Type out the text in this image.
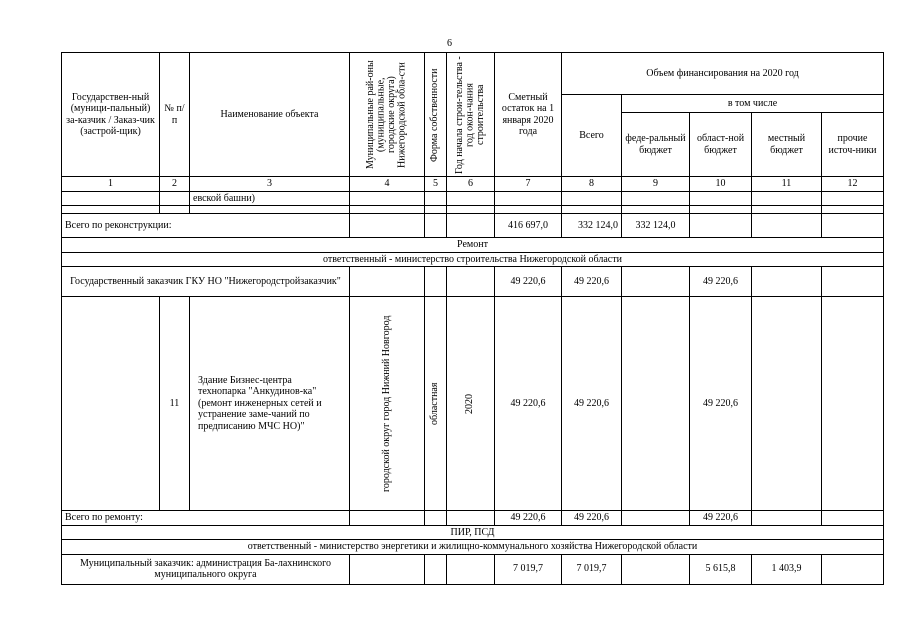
6
Государствен-ный (муници-пальный) за-казчик / Заказ-чик (застрой-щик)	№ п/п	Наименование объекта	Муниципальные рай-оны (муниципальные, городские округа) Нижегородской обла-сти	Форма собственности	Год начала строи-тельства - год окон-чания строительства	Сметный остаток на 1 января 2020 года	Объем финансирования на 2020 год				
							Всего	в том числе			
								феде-ральный бюджет	област-ной бюджет	местный бюджет	прочие источ-ники
1	2	3	4	5	6	7	8	9	10	11	12
		евской башни)									

Всего по реконструкции:						416 697,0	332 124,0	332 124,0			
Ремонт											
ответственный - министерство строительства Нижегородской области											
Государственный заказчик ГКУ НО "Нижегородстройзаказчик"						49 220,6	49 220,6		49 220,6		
	11	Здание Бизнес-центра технопарка "Анкудинов-ка" (ремонт инженерных сетей и устранение заме-чаний по предписанию МЧС НО)"	городской округ город Нижний Новгород	областная	2020	49 220,6	49 220,6		49 220,6		
Всего по ремонту:						49 220,6	49 220,6		49 220,6		
ПИР, ПСД											
ответственный - министерство энергетики и жилищно-коммунального хозяйства Нижегородской области											
Муниципальный заказчик: администрация Ба-лахнинского муниципального округа						7 019,7	7 019,7		5 615,8	1 403,9	
